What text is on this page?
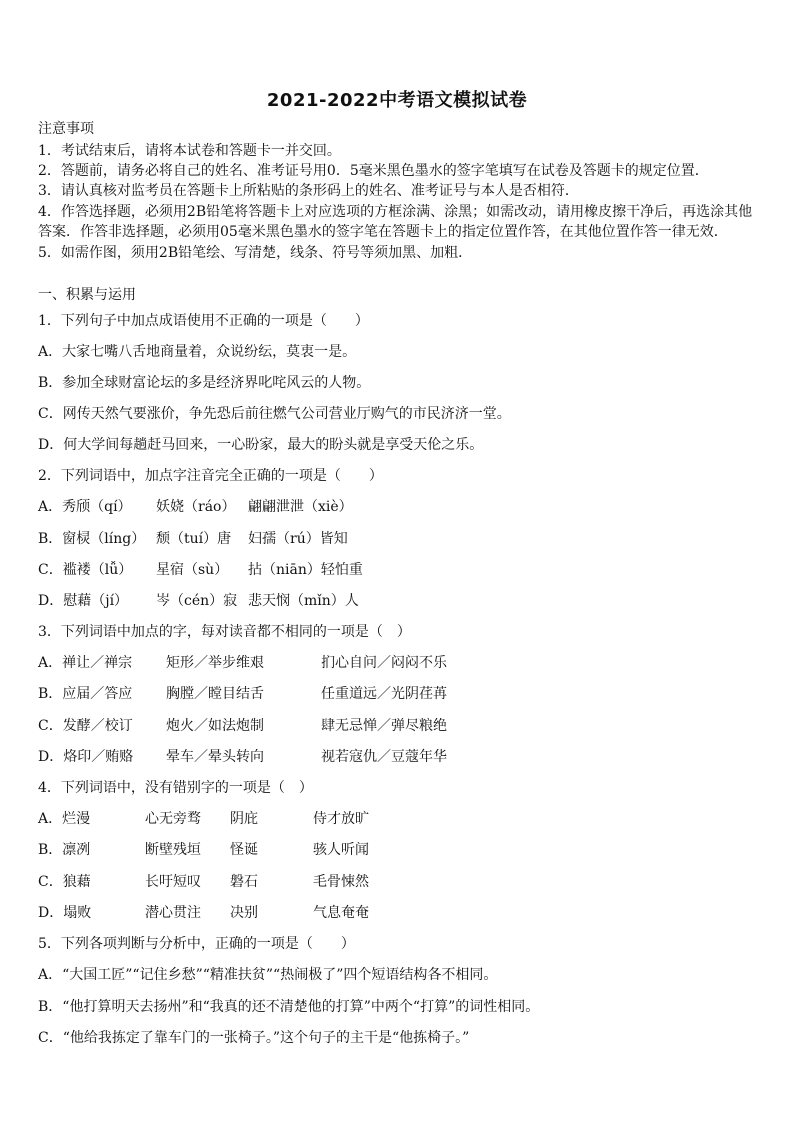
2021-2022中考语文模拟试卷
注意事项
1．考试结束后，请将本试卷和答题卡一并交回。
2．答题前，请务必将自己的姓名、准考证号用0．5毫米黑色墨水的签字笔填写在试卷及答题卡的规定位置．
3．请认真核对监考员在答题卡上所粘贴的条形码上的姓名、准考证号与本人是否相符．
4．作答选择题，必须用2B铅笔将答题卡上对应选项的方框涂满、涂黑；如需改动，请用橡皮擦干净后，再选涂其他
答案．作答非选择题，必须用05毫米黑色墨水的签字笔在答题卡上的指定位置作答，在其他位置作答一律无效．
5．如需作图，须用2B铅笔绘、写清楚，线条、符号等须加黑、加粗．
一、积累与运用
1．下列句子中加点成语使用不正确的一项是（　　）
A．大家七嘴八舌地商量着，众说纷纭，莫衷一是。
B．参加全球财富论坛的多是经济界叱咤风云的人物。
C．网传天然气要涨价，争先恐后前往燃气公司营业厅购气的市民济济一堂。
D．何大学间每趟赶马回来，一心盼家，最大的盼头就是享受天伦之乐。
2．下列词语中，加点字注音完全正确的一项是（　　）
A．秀颀（qí） 妖娆（ráo） 翩翩泄泄（xiè）
B．窗棂（líng） 颓（tuí）唐 妇孺（rú）皆知
C．褴褛（lǚ） 星宿（sù） 拈（niān）轻怕重
D．慰藉（jí） 岑（cén）寂 悲天悯（mǐn）人
3．下列词语中加点的字，每对读音都不相同的一项是（　）
A．禅让／禅宗 矩形／举步维艰	扪心自问／闷闷不乐
B．应届／答应 胸膛／瞠目结舌	任重道远／光阴荏苒
C．发酵／校订 炮火／如法炮制	肆无忌惮／弹尽粮绝
D．烙印／贿赂 晕车／晕头转向	视若寇仇／豆蔻年华
4．下列词语中，没有错别字的一项是（　）
A．烂漫	心无旁骛 阴庇	侍才放旷
B．凛冽	断壁残垣 怪诞	骇人听闻
C．狼藉	长吁短叹 磐石	毛骨悚然
D．塌败	潜心贯注 决别	气息奄奄
5．下列各项判断与分析中，正确的一项是（　　）
A．“大国工匠”“记住乡愁”“精准扶贫”“热闹极了”四个短语结构各不相同。
B．“他打算明天去扬州”和“我真的还不清楚他的打算”中两个“打算”的词性相同。
C．“他给我拣定了靠车门的一张椅子。”这个句子的主干是“他拣椅子。”
